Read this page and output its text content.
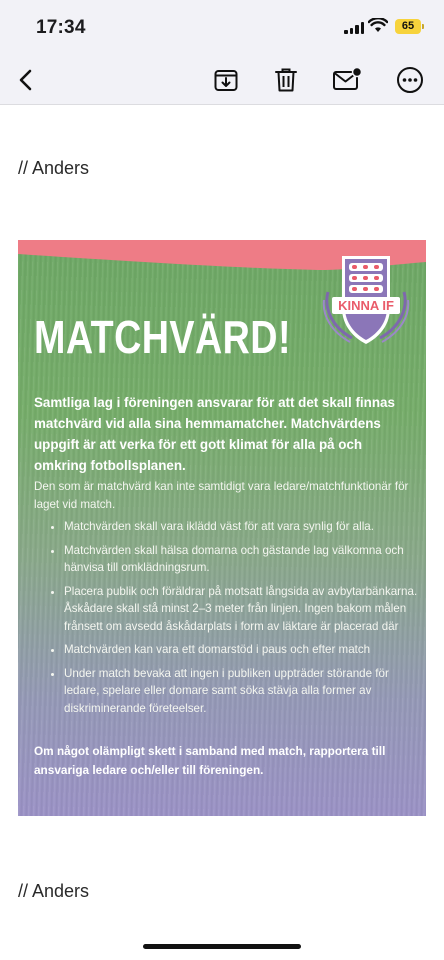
17:34	65
// Anders
KINNA IF
MATCHVÄRD!
Samtliga lag i föreningen ansvarar för att det skall finnas matchvärd vid alla sina hemmamatcher. Matchvärdens uppgift är att verka för ett gott klimat för alla på och omkring fotbollsplanen.
Den som är matchvärd kan inte samtidigt vara ledare/matchfunktionär för laget vid match.
• Matchvärden skall vara iklädd väst för att vara synlig för alla.
• Matchvärden skall hälsa domarna och gästande lag välkomna och hänvisa till omklädningsrum.
• Placera publik och föräldrar på motsatt långsida av avbytarbänkarna. Åskådare skall stå minst 2–3 meter från linjen. Ingen bakom målen frånsett om avsedd åskådarplats i form av läktare är placerad där
• Matchvärden kan vara ett domarstöd i paus och efter match
• Under match bevaka att ingen i publiken uppträder störande för ledare, spelare eller domare samt söka stävja alla former av diskriminerande företeelser.
Om något olämpligt skett i samband med match, rapportera till ansvariga ledare och/eller till föreningen.
// Anders
